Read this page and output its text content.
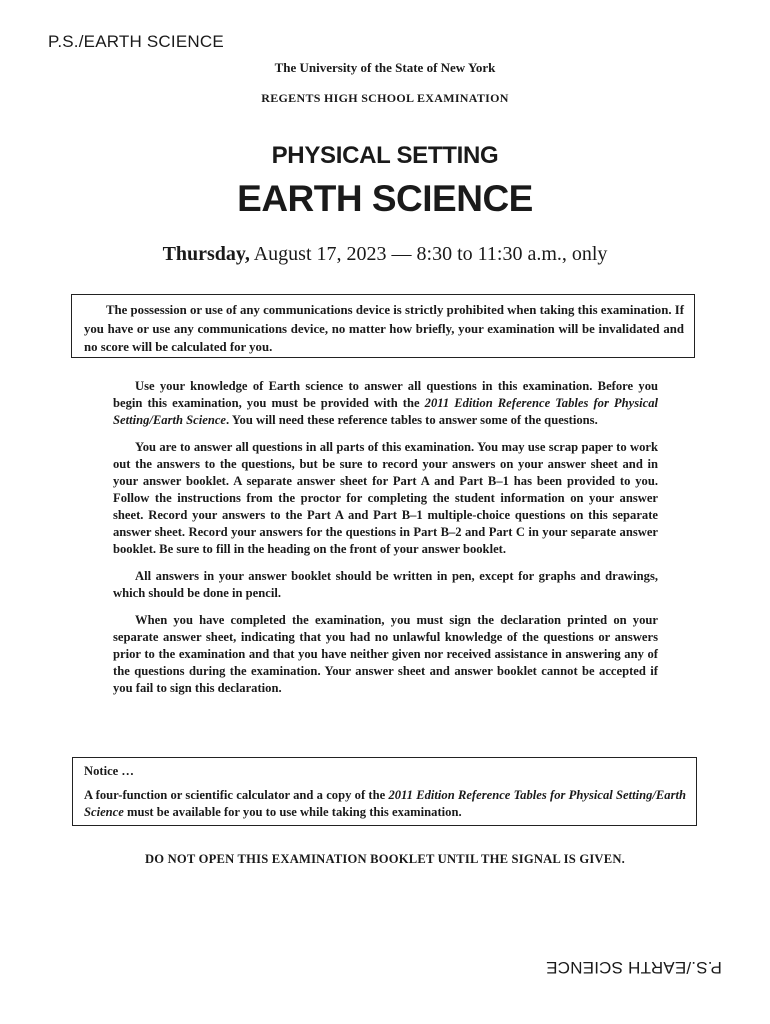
P.S./EARTH SCIENCE
The University of the State of New York
REGENTS HIGH SCHOOL EXAMINATION
PHYSICAL SETTING
EARTH SCIENCE
Thursday, August 17, 2023 — 8:30 to 11:30 a.m., only
The possession or use of any communications device is strictly prohibited when taking this examination. If you have or use any communications device, no matter how briefly, your examination will be invalidated and no score will be calculated for you.

Use your knowledge of Earth science to answer all questions in this examination. Before you begin this examination, you must be provided with the 2011 Edition Reference Tables for Physical Setting/Earth Science. You will need these reference tables to answer some of the questions.

You are to answer all questions in all parts of this examination. You may use scrap paper to work out the answers to the questions, but be sure to record your answers on your answer sheet and in your answer booklet. A separate answer sheet for Part A and Part B–1 has been provided to you. Follow the instructions from the proctor for completing the student information on your answer sheet. Record your answers to the Part A and Part B–1 multiple-choice questions on this separate answer sheet. Record your answers for the questions in Part B–2 and Part C in your separate answer booklet. Be sure to fill in the heading on the front of your answer booklet.

All answers in your answer booklet should be written in pen, except for graphs and drawings, which should be done in pencil.

When you have completed the examination, you must sign the declaration printed on your separate answer sheet, indicating that you had no unlawful knowledge of the questions or answers prior to the examination and that you have neither given nor received assistance in answering any of the questions during the examination. Your answer sheet and answer booklet cannot be accepted if you fail to sign this declaration.

Notice …
A four-function or scientific calculator and a copy of the 2011 Edition Reference Tables for Physical Setting/Earth Science must be available for you to use while taking this examination.
DO NOT OPEN THIS EXAMINATION BOOKLET UNTIL THE SIGNAL IS GIVEN.
P.S./EARTH SCIENCE
